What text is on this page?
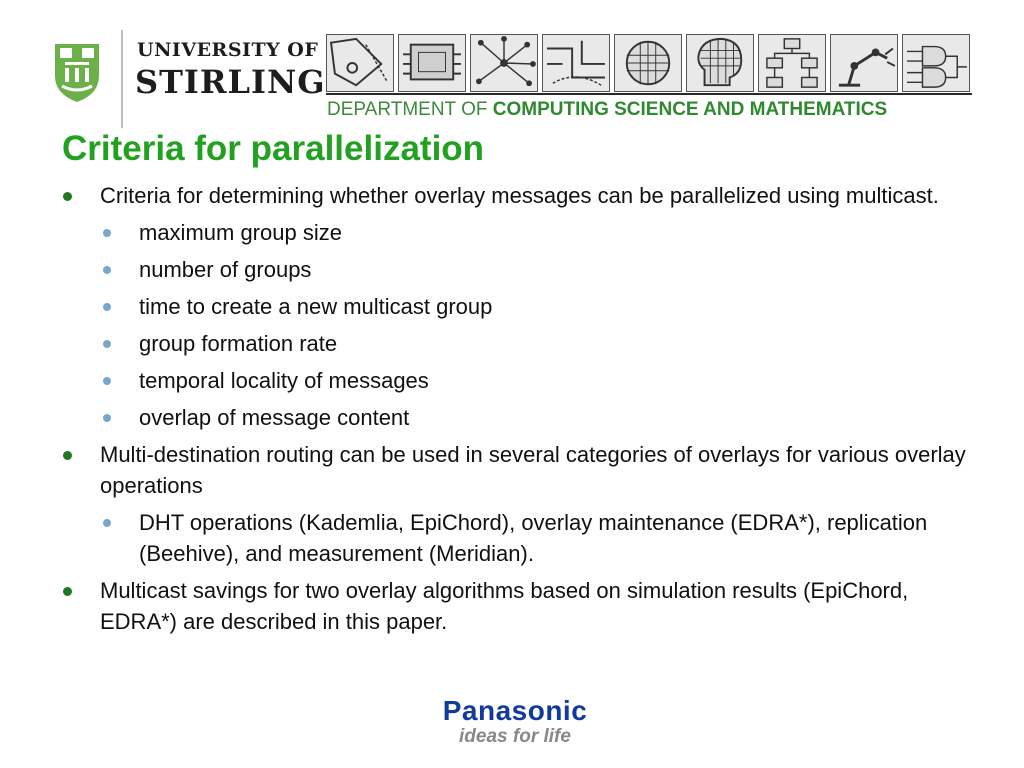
UNIVERSITY OF
STIRLING
DEPARTMENT OF COMPUTING SCIENCE AND MATHEMATICS
Criteria for parallelization
Criteria for determining whether overlay messages can be parallelized using multicast.
maximum group size
number of groups
time to create a new multicast group
group formation rate
temporal locality of messages
overlap of message content
Multi-destination routing can be used in several categories of overlays for various overlay operations
DHT operations (Kademlia, EpiChord), overlay maintenance (EDRA*), replication (Beehive), and measurement (Meridian).
Multicast savings for two overlay algorithms based on simulation results (EpiChord, EDRA*) are described in this paper.
Panasonic
ideas for life
